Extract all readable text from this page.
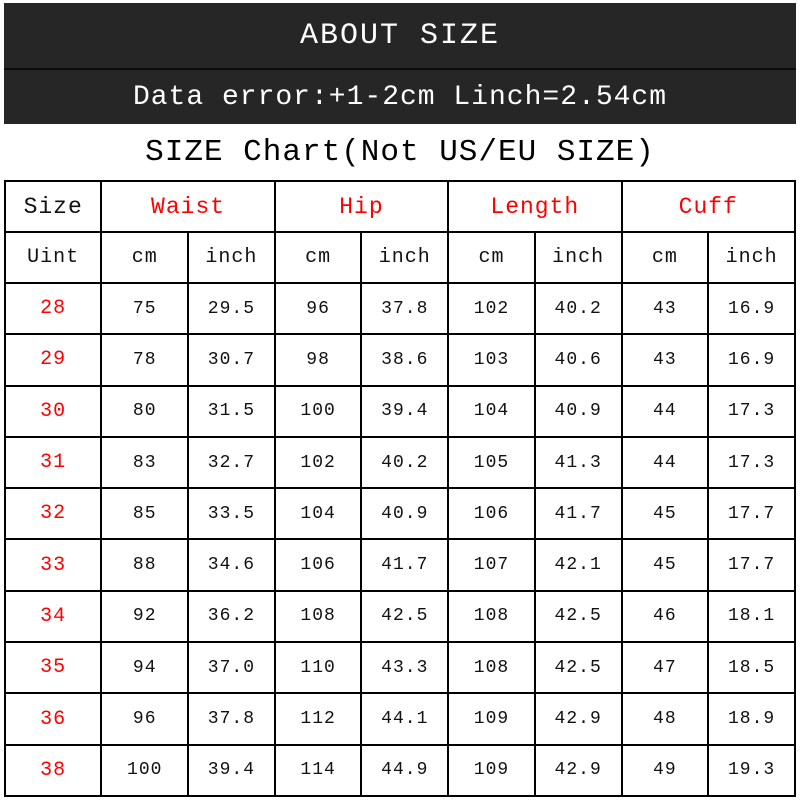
ABOUT SIZE
Data error:+1-2cm Linch=2.54cm
SIZE Chart(Not US/EU SIZE)
Size	Waist		Hip		Length		Cuff	
Uint	cm	inch	cm	inch	cm	inch	cm	inch
28	75	29.5	96	37.8	102	40.2	43	16.9
29	78	30.7	98	38.6	103	40.6	43	16.9
30	80	31.5	100	39.4	104	40.9	44	17.3
31	83	32.7	102	40.2	105	41.3	44	17.3
32	85	33.5	104	40.9	106	41.7	45	17.7
33	88	34.6	106	41.7	107	42.1	45	17.7
34	92	36.2	108	42.5	108	42.5	46	18.1
35	94	37.0	110	43.3	108	42.5	47	18.5
36	96	37.8	112	44.1	109	42.9	48	18.9
38	100	39.4	114	44.9	109	42.9	49	19.3
